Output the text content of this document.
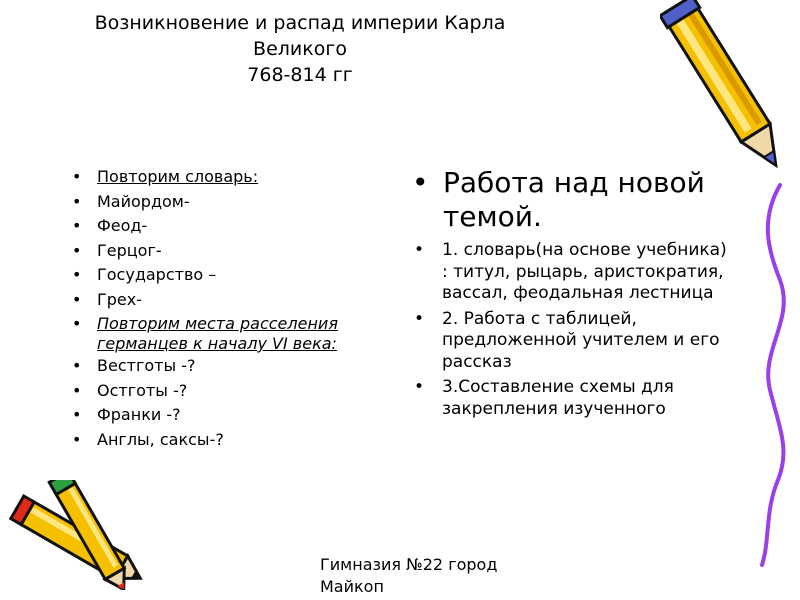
Возникновение и распад империи Карла
Великого
768-814 гг
• Повторим словарь:
• Майордом-
• Феод-
• Герцог-
• Государство –
• Грех-
• Повторим места расселения германцев к началу VI века:
• Вестготы -?
• Остготы -?
• Франки -?
• Англы, саксы-?
• Работа над новой темой.
• 1. словарь(на основе учебника) : титул, рыцарь, аристократия, вассал, феодальная лестница
• 2. Работа с таблицей, предложенной учителем и его рассказ
• 3.Составление схемы для закрепления изученного
Гимназия №22 город Майкоп
